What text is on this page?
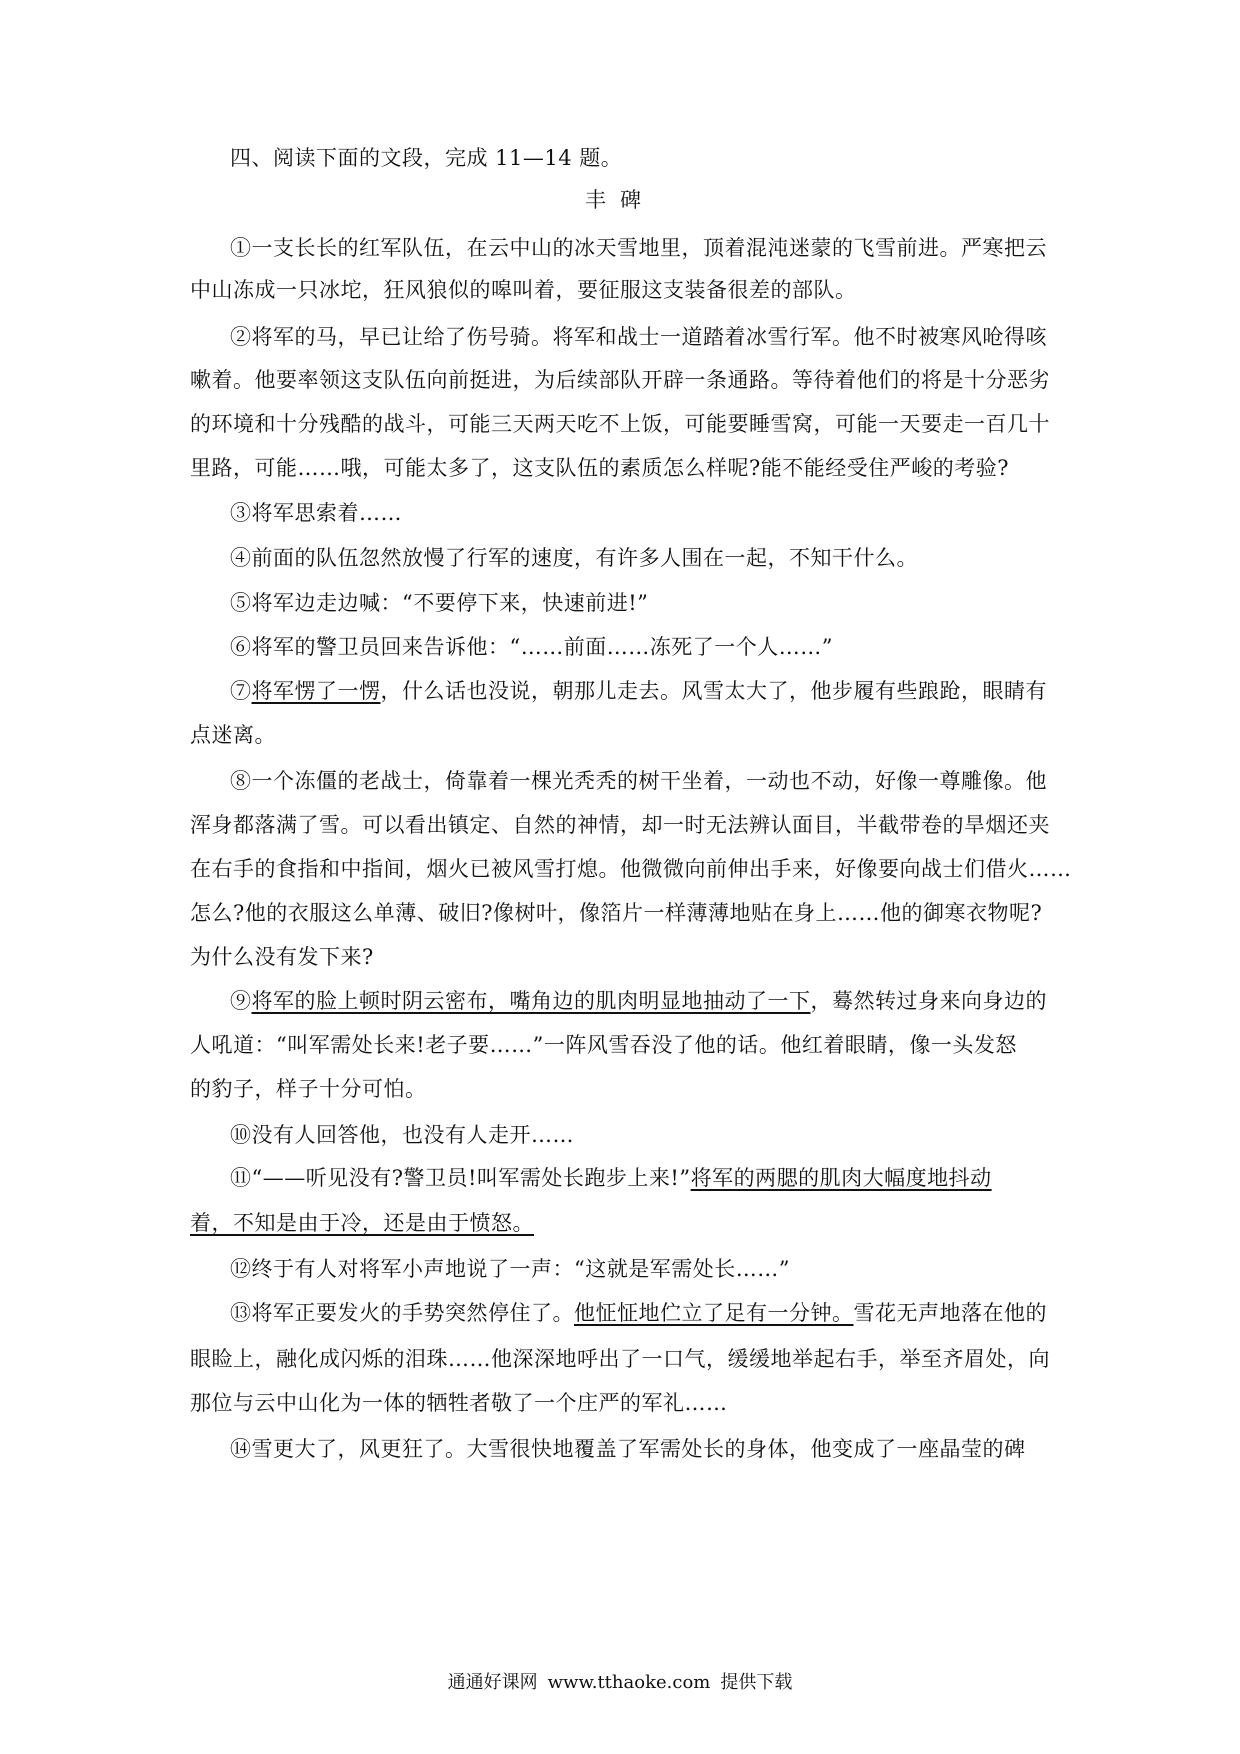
四、阅读下面的文段，完成 11—14 题。
丰碑
①一支长长的红军队伍，在云中山的冰天雪地里，顶着混沌迷蒙的飞雪前进。严寒把云
中山冻成一只冰坨，狂风狼似的嗥叫着，要征服这支装备很差的部队。
②将军的马，早已让给了伤号骑。将军和战士一道踏着冰雪行军。他不时被寒风呛得咳
嗽着。他要率领这支队伍向前挺进，为后续部队开辟一条通路。等待着他们的将是十分恶劣
的环境和十分残酷的战斗，可能三天两天吃不上饭，可能要睡雪窝，可能一天要走一百几十
里路，可能……哦，可能太多了，这支队伍的素质怎么样呢?能不能经受住严峻的考验?
③将军思索着……
④前面的队伍忽然放慢了行军的速度，有许多人围在一起，不知干什么。
⑤将军边走边喊：“不要停下来，快速前进!”
⑥将军的警卫员回来告诉他：“……前面……冻死了一个人……”
⑦将军愣了一愣，什么话也没说，朝那儿走去。风雪太大了，他步履有些踉跄，眼睛有
点迷离。
⑧一个冻僵的老战士，倚靠着一棵光秃秃的树干坐着，一动也不动，好像一尊雕像。他
浑身都落满了雪。可以看出镇定、自然的神情，却一时无法辨认面目，半截带卷的旱烟还夹
在右手的食指和中指间，烟火已被风雪打熄。他微微向前伸出手来，好像要向战士们借火……
怎么?他的衣服这么单薄、破旧?像树叶，像箔片一样薄薄地贴在身上……他的御寒衣物呢?
为什么没有发下来?
⑨将军的脸上顿时阴云密布，嘴角边的肌肉明显地抽动了一下，蓦然转过身来向身边的
人吼道：“叫军需处长来!老子要……”一阵风雪吞没了他的话。他红着眼睛，像一头发怒
的豹子，样子十分可怕。
⑩没有人回答他，也没有人走开……
⑪“——听见没有?警卫员!叫军需处长跑步上来!”将军的两腮的肌肉大幅度地抖动
着，不知是由于冷，还是由于愤怒。
⑫终于有人对将军小声地说了一声：“这就是军需处长……”
⑬将军正要发火的手势突然停住了。他怔怔地伫立了足有一分钟。雪花无声地落在他的
眼睑上，融化成闪烁的泪珠……他深深地呼出了一口气，缓缓地举起右手，举至齐眉处，向
那位与云中山化为一体的牺牲者敬了一个庄严的军礼……
⑭雪更大了，风更狂了。大雪很快地覆盖了军需处长的身体，他变成了一座晶莹的碑
通通好课网 www.tthaoke.com 提供下载
